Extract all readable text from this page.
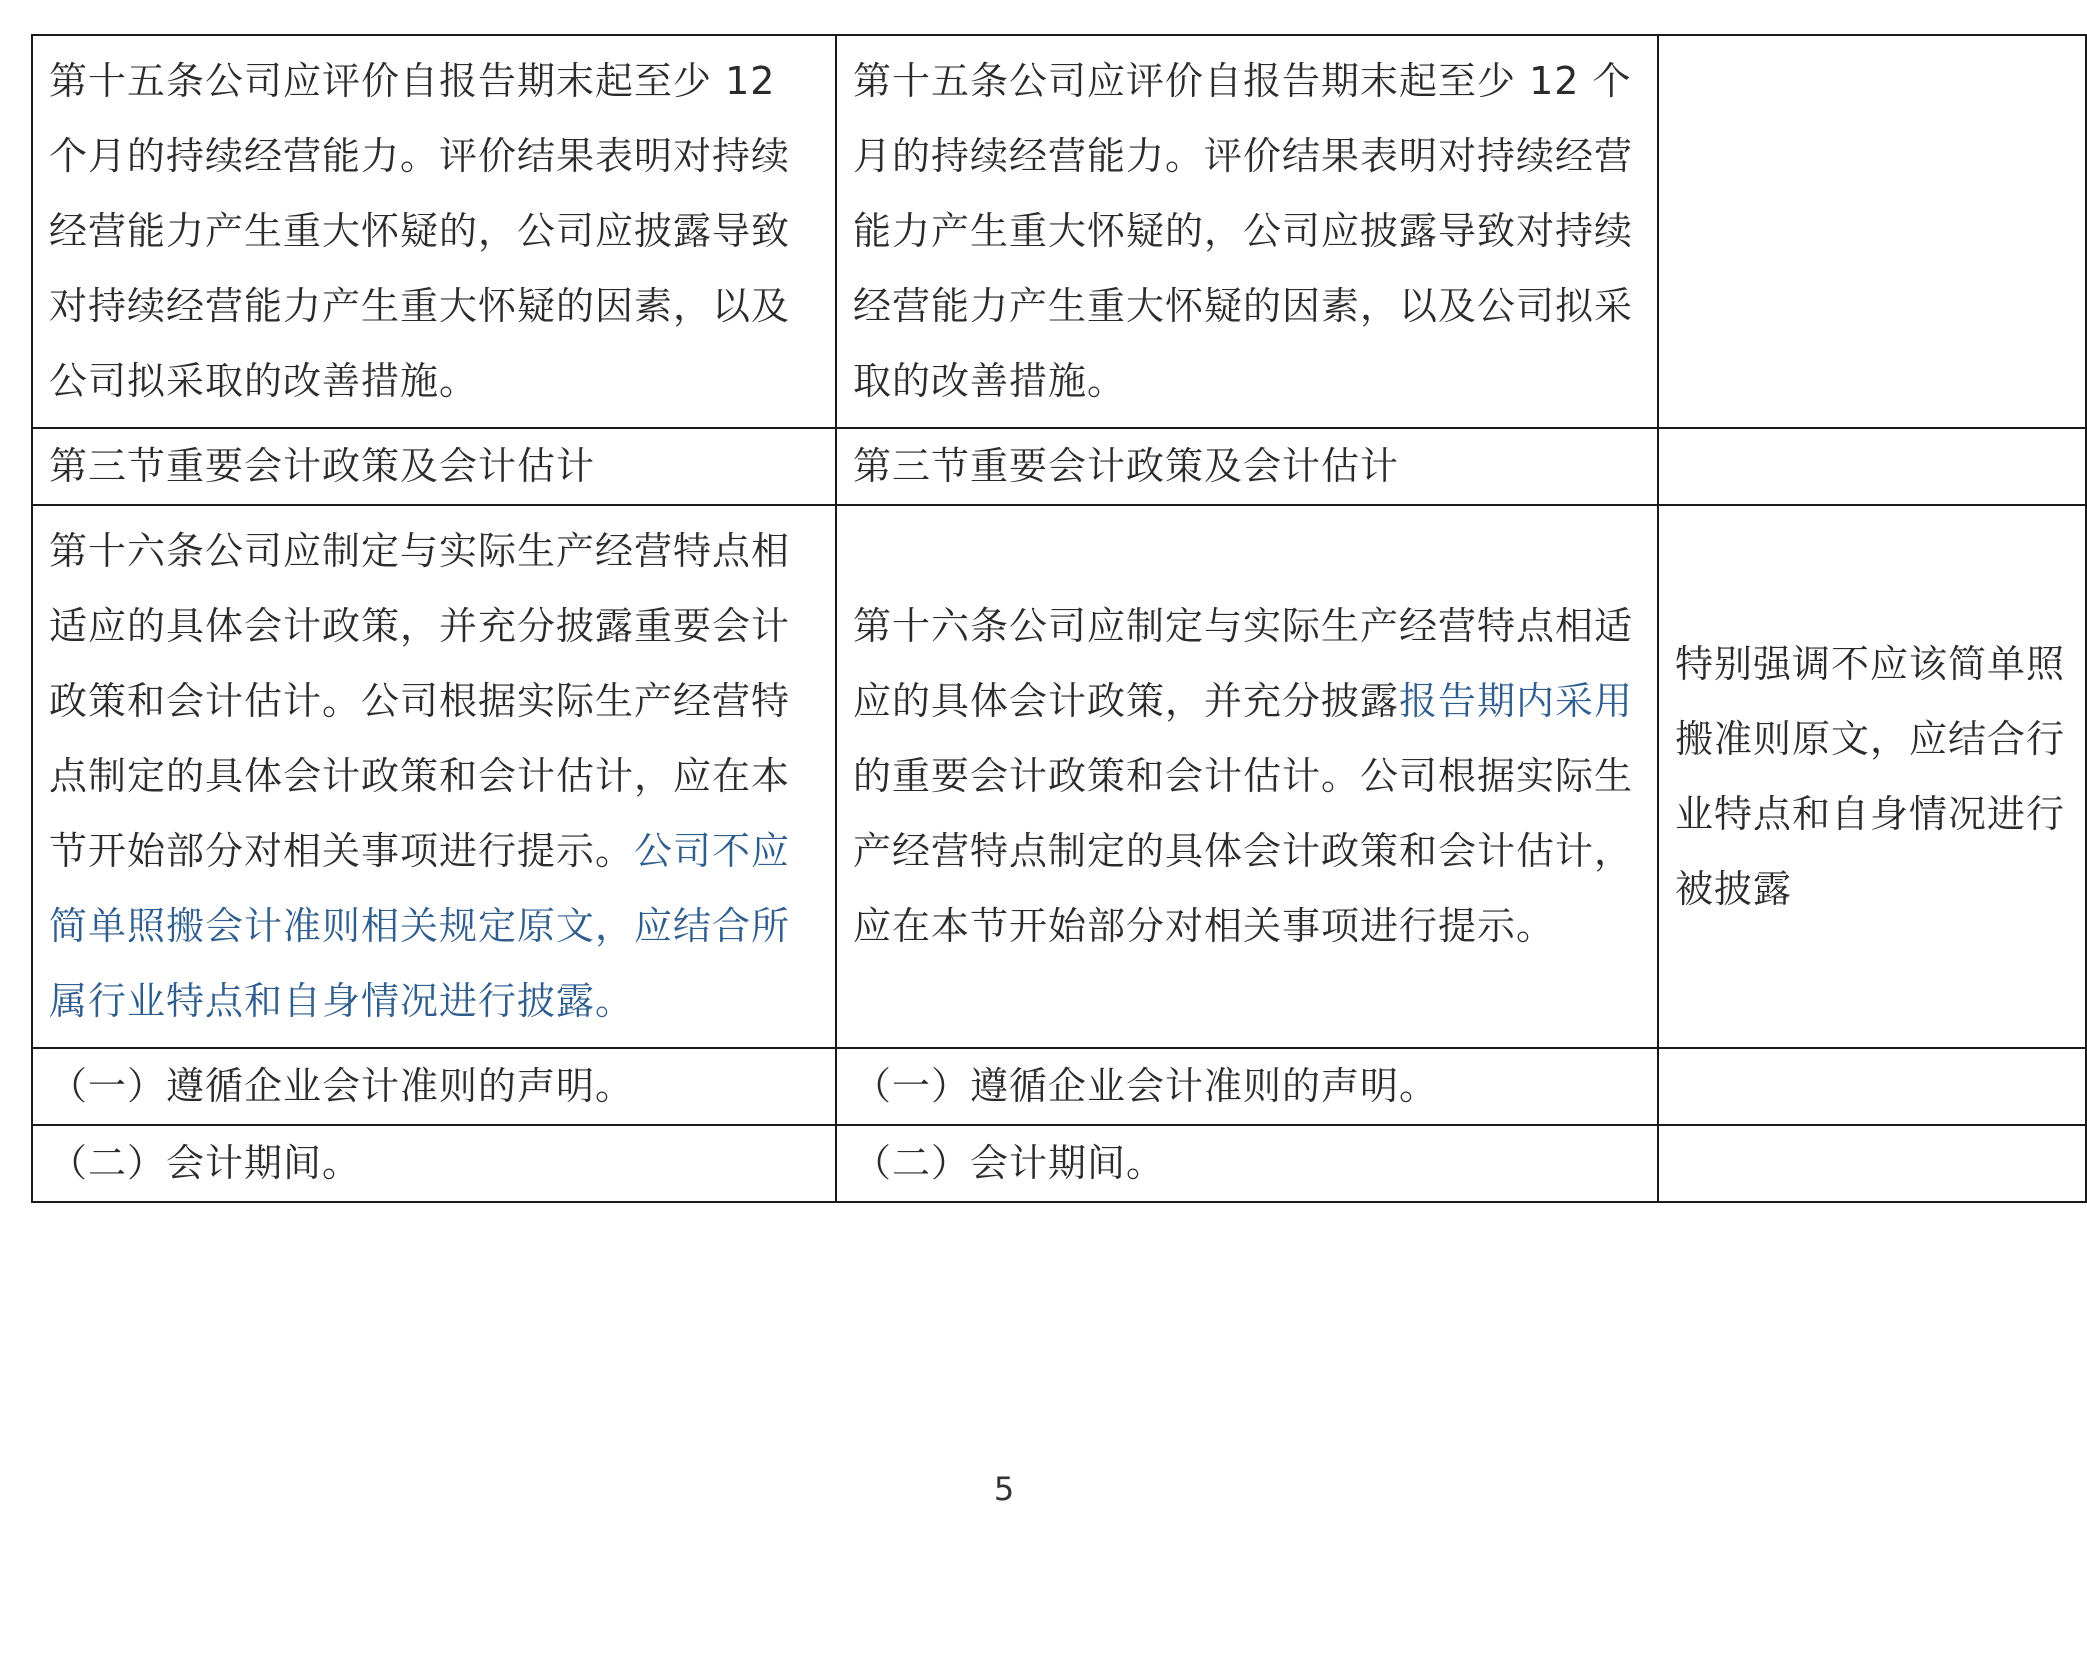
第十五条公司应评价自报告期末起至少 12 个月的持续经营能力。评价结果表明对持续经营能力产生重大怀疑的，公司应披露导致对持续经营能力产生重大怀疑的因素，以及公司拟采取的改善措施。	第十五条公司应评价自报告期末起至少 12 个月的持续经营能力。评价结果表明对持续经营能力产生重大怀疑的，公司应披露导致对持续经营能力产生重大怀疑的因素，以及公司拟采取的改善措施。	
第三节重要会计政策及会计估计	第三节重要会计政策及会计估计	
第十六条公司应制定与实际生产经营特点相适应的具体会计政策，并充分披露重要会计政策和会计估计。公司根据实际生产经营特点制定的具体会计政策和会计估计，应在本节开始部分对相关事项进行提示。公司不应简单照搬会计准则相关规定原文，应结合所属行业特点和自身情况进行披露。	第十六条公司应制定与实际生产经营特点相适应的具体会计政策，并充分披露报告期内采用的重要会计政策和会计估计。公司根据实际生产经营特点制定的具体会计政策和会计估计，应在本节开始部分对相关事项进行提示。	特别强调不应该简单照搬准则原文，应结合行业特点和自身情况进行被披露
（一）遵循企业会计准则的声明。	（一）遵循企业会计准则的声明。	
（二）会计期间。	（二）会计期间。	
5
